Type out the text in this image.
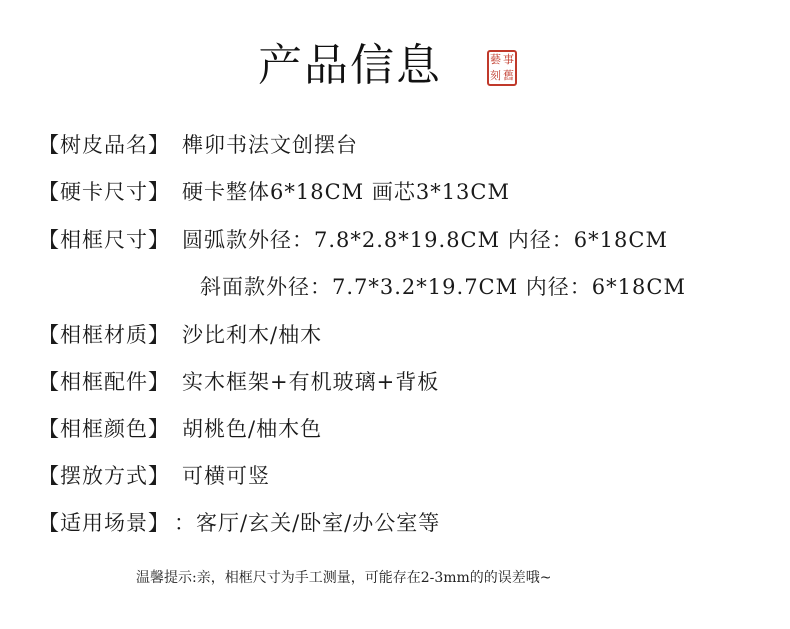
产品信息	事
藝
舊
刻
【树皮品名】 榫卯书法文创摆台
【硬卡尺寸】 硬卡整体6*18CM 画芯3*13CM
【相框尺寸】 圆弧款外径：7.8*2.8*19.8CM 内径：6*18CM
斜面款外径：7.7*3.2*19.7CM 内径：6*18CM
【相框材质】 沙比利木/柚木
【相框配件】 实木框架+有机玻璃+背板
【相框颜色】 胡桃色/柚木色
【摆放方式】 可横可竖
【适用场景】 ：客厅/玄关/卧室/办公室等
温馨提示:亲，相框尺寸为手工测量，可能存在2-3mm的的误差哦~
